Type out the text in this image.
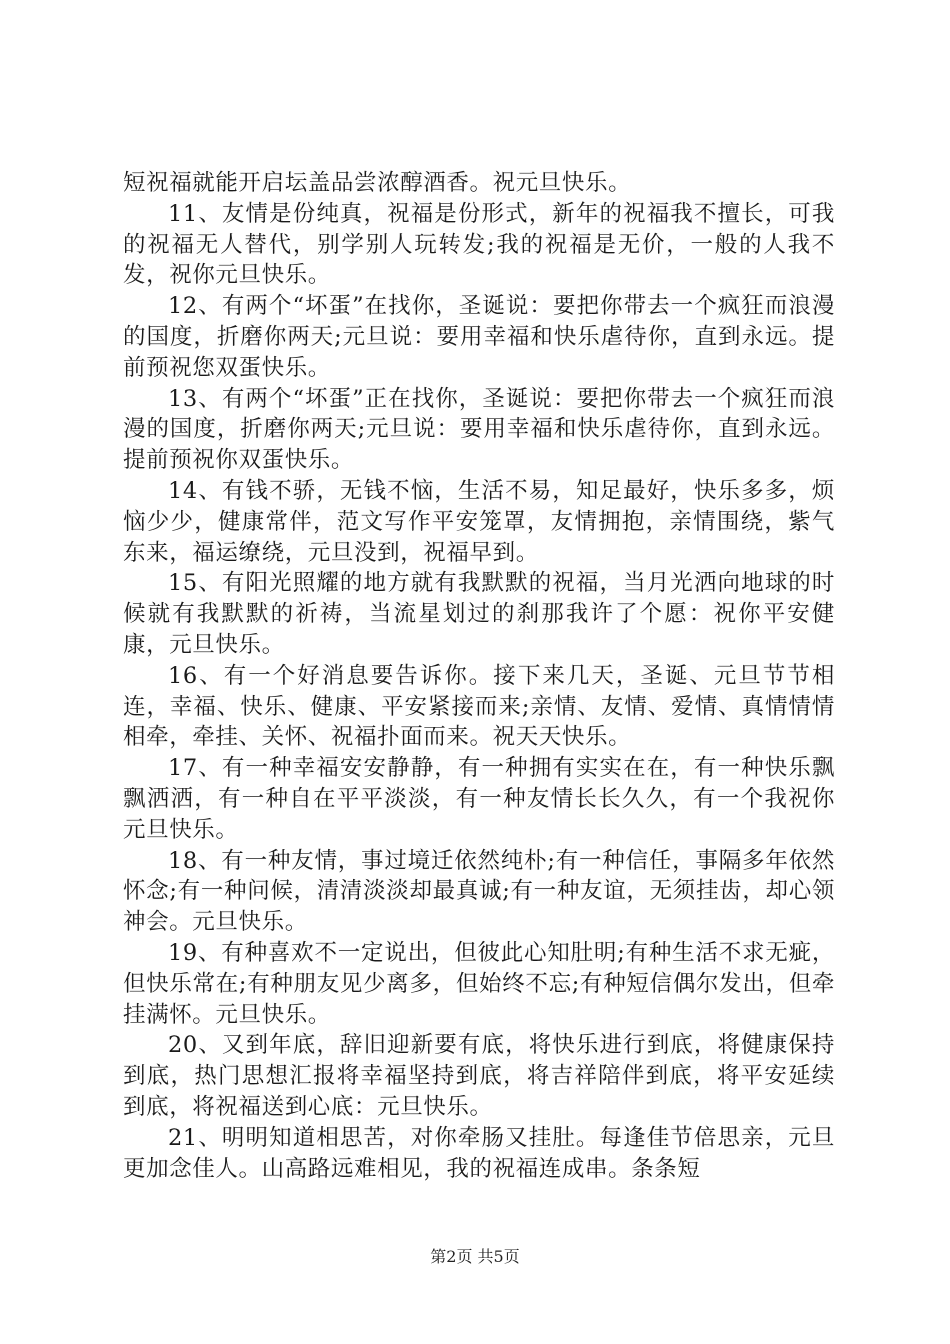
短祝福就能开启坛盖品尝浓醇酒香。祝元旦快乐。

11、友情是份纯真，祝福是份形式，新年的祝福我不擅长，可我的祝福无人替代，别学别人玩转发;我的祝福是无价，一般的人我不发，祝你元旦快乐。

12、有两个“坏蛋”在找你，圣诞说：要把你带去一个疯狂而浪漫的国度，折磨你两天;元旦说：要用幸福和快乐虐待你，直到永远。提前预祝您双蛋快乐。

13、有两个“坏蛋”正在找你，圣诞说：要把你带去一个疯狂而浪漫的国度，折磨你两天;元旦说：要用幸福和快乐虐待你，直到永远。提前预祝你双蛋快乐。

14、有钱不骄，无钱不恼，生活不易，知足最好，快乐多多，烦恼少少，健康常伴，范文写作平安笼罩，友情拥抱，亲情围绕，紫气东来，福运缭绕，元旦没到，祝福早到。

15、有阳光照耀的地方就有我默默的祝福，当月光洒向地球的时候就有我默默的祈祷，当流星划过的刹那我许了个愿：祝你平安健康，元旦快乐。

16、有一个好消息要告诉你。接下来几天，圣诞、元旦节节相连，幸福、快乐、健康、平安紧接而来;亲情、友情、爱情、真情情情相牵，牵挂、关怀、祝福扑面而来。祝天天快乐。

17、有一种幸福安安静静，有一种拥有实实在在，有一种快乐飘飘洒洒，有一种自在平平淡淡，有一种友情长长久久，有一个我祝你元旦快乐。

18、有一种友情，事过境迁依然纯朴;有一种信任，事隔多年依然怀念;有一种问候，清清淡淡却最真诚;有一种友谊，无须挂齿，却心领神会。元旦快乐。

19、有种喜欢不一定说出，但彼此心知肚明;有种生活不求无疵，但快乐常在;有种朋友见少离多，但始终不忘;有种短信偶尔发出，但牵挂满怀。元旦快乐。

20、又到年底，辞旧迎新要有底，将快乐进行到底，将健康保持到底，热门思想汇报将幸福坚持到底，将吉祥陪伴到底，将平安延续到底，将祝福送到心底：元旦快乐。

21、明明知道相思苦，对你牵肠又挂肚。每逢佳节倍思亲，元旦更加念佳人。山高路远难相见，我的祝福连成串。条条短

第2页 共5页
